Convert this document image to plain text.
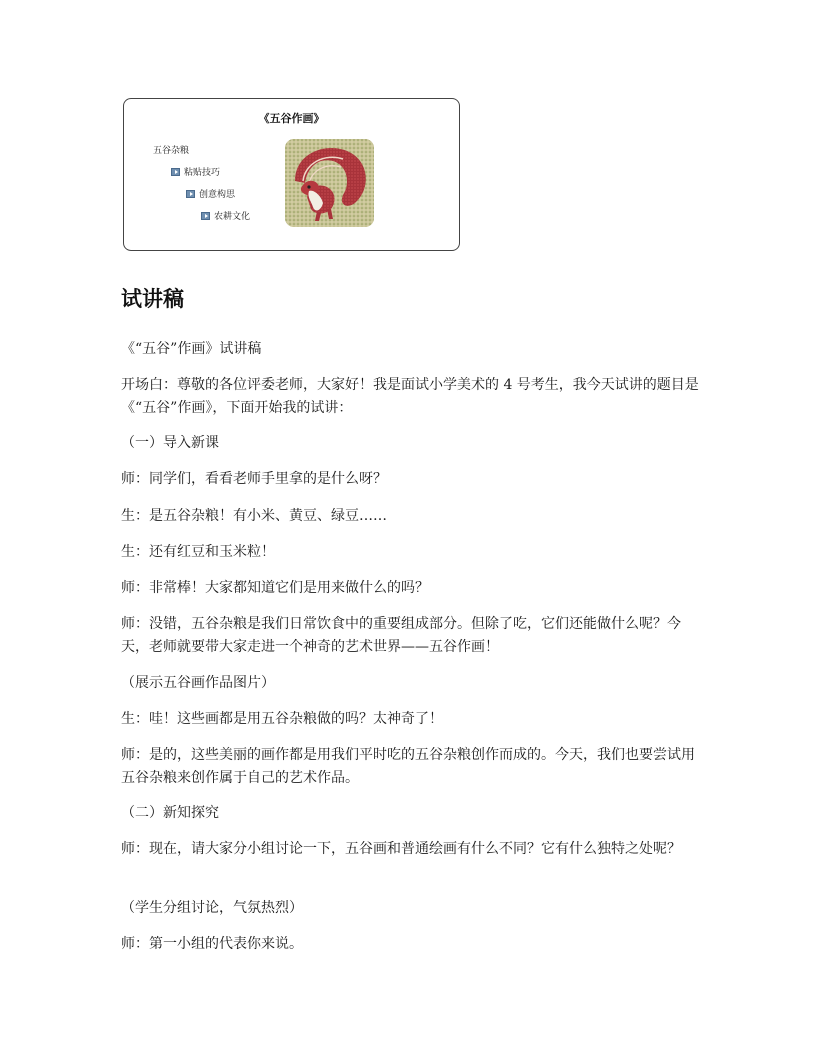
《五谷作画》
五谷杂粮
粘贴技巧
创意构思
农耕文化
试讲稿

《“五谷”作画》试讲稿

开场白：尊敬的各位评委老师，大家好！我是面试小学美术的 4 号考生，我今天试讲的题目是《“五谷”作画》，下面开始我的试讲：

（一）导入新课

师：同学们，看看老师手里拿的是什么呀？

生：是五谷杂粮！有小米、黄豆、绿豆……

生：还有红豆和玉米粒！

师：非常棒！大家都知道它们是用来做什么的吗？

师：没错，五谷杂粮是我们日常饮食中的重要组成部分。但除了吃，它们还能做什么呢？今天，老师就要带大家走进一个神奇的艺术世界——五谷作画！

（展示五谷画作品图片）

生：哇！这些画都是用五谷杂粮做的吗？太神奇了！

师：是的，这些美丽的画作都是用我们平时吃的五谷杂粮创作而成的。今天，我们也要尝试用五谷杂粮来创作属于自己的艺术作品。

（二）新知探究

师：现在，请大家分小组讨论一下，五谷画和普通绘画有什么不同？它有什么独特之处呢？

（学生分组讨论，气氛热烈）

师：第一小组的代表你来说。
